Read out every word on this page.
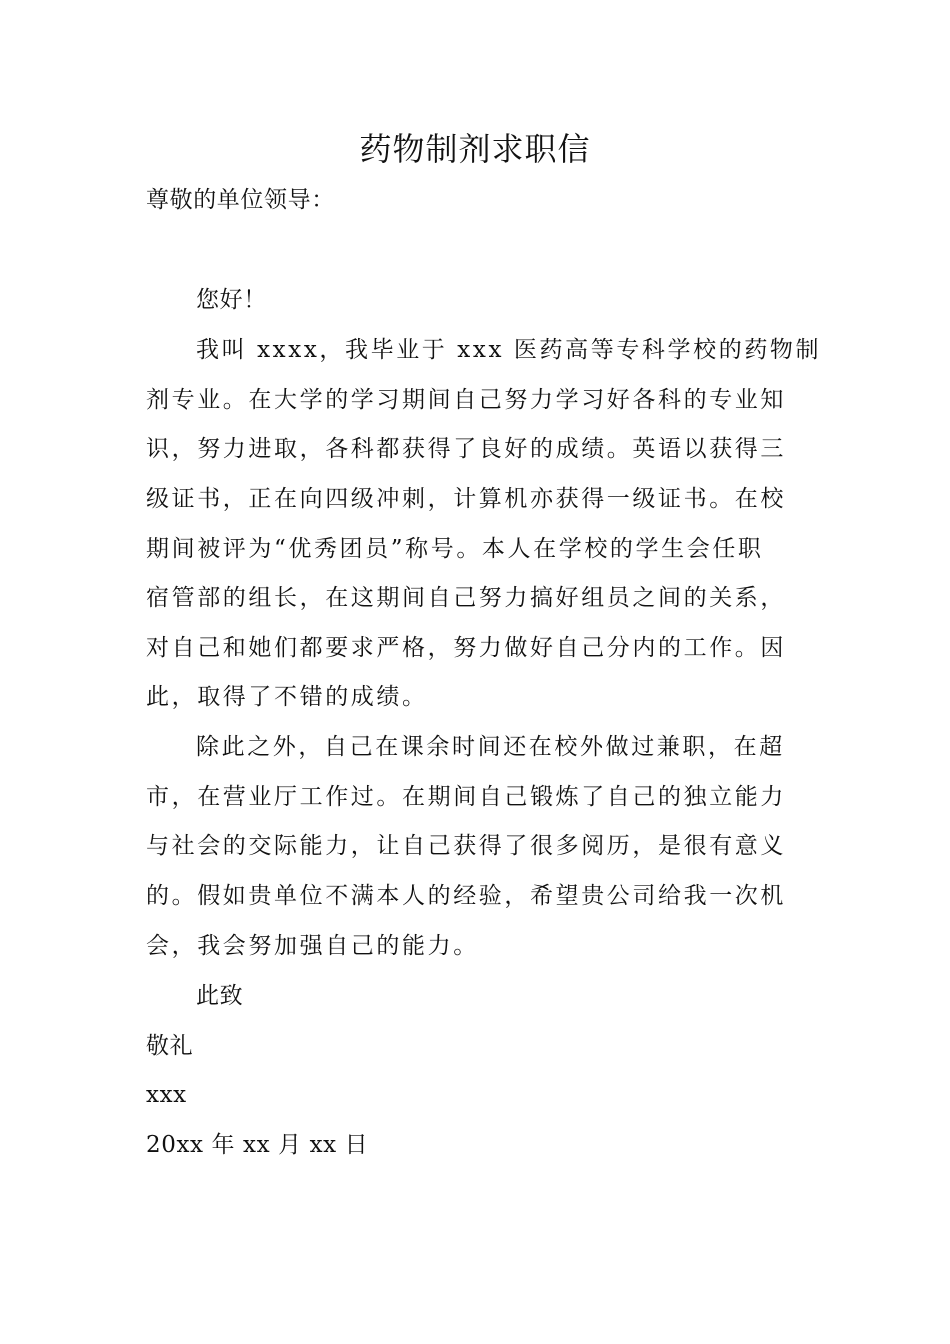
药物制剂求职信
尊敬的单位领导：
您好！
我叫 xxxx，我毕业于 xxx 医药高等专科学校的药物制
剂专业。在大学的学习期间自己努力学习好各科的专业知
识，努力进取，各科都获得了良好的成绩。英语以获得三
级证书，正在向四级冲刺，计算机亦获得一级证书。在校
期间被评为“优秀团员”称号。本人在学校的学生会任职
宿管部的组长，在这期间自己努力搞好组员之间的关系，
对自己和她们都要求严格，努力做好自己分内的工作。因
此，取得了不错的成绩。
除此之外，自己在课余时间还在校外做过兼职，在超
市，在营业厅工作过。在期间自己锻炼了自己的独立能力
与社会的交际能力，让自己获得了很多阅历，是很有意义
的。假如贵单位不满本人的经验，希望贵公司给我一次机
会，我会努加强自己的能力。
此致
敬礼
xxx
20xx 年 xx 月 xx 日
